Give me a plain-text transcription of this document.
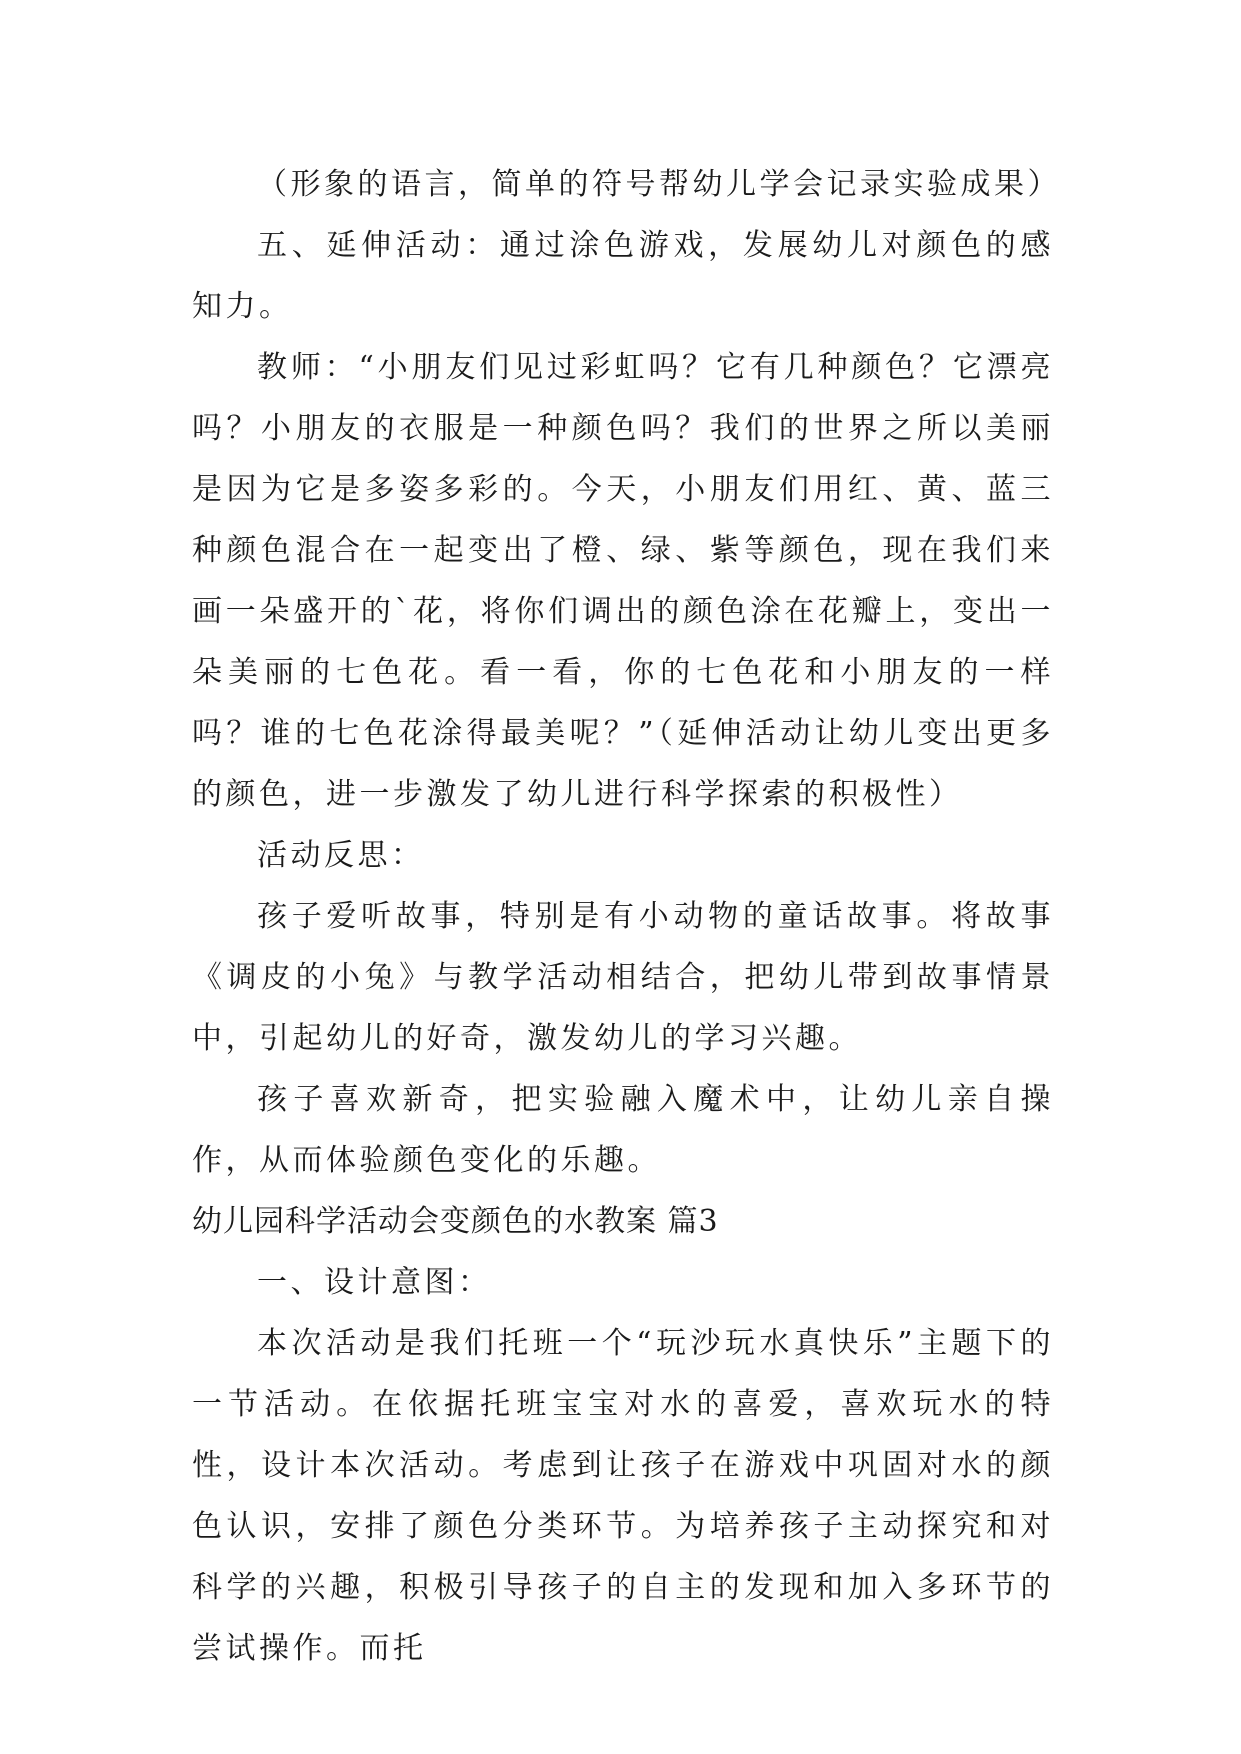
（形象的语言，简单的符号帮幼儿学会记录实验成果）

五、延伸活动：通过涂色游戏，发展幼儿对颜色的感知力。

教师：“小朋友们见过彩虹吗？它有几种颜色？它漂亮吗？小朋友的衣服是一种颜色吗？我们的世界之所以美丽是因为它是多姿多彩的。今天，小朋友们用红、黄、蓝三种颜色混合在一起变出了橙、绿、紫等颜色，现在我们来画一朵盛开的`花，将你们调出的颜色涂在花瓣上，变出一朵美丽的七色花。看一看，你的七色花和小朋友的一样吗？谁的七色花涂得最美呢？”（延伸活动让幼儿变出更多的颜色，进一步激发了幼儿进行科学探索的积极性）

活动反思：

孩子爱听故事，特别是有小动物的童话故事。将故事《调皮的小兔》与教学活动相结合，把幼儿带到故事情景中，引起幼儿的好奇，激发幼儿的学习兴趣。

孩子喜欢新奇，把实验融入魔术中，让幼儿亲自操作，从而体验颜色变化的乐趣。

幼儿园科学活动会变颜色的水教案 篇3

一、设计意图：

本次活动是我们托班一个“玩沙玩水真快乐”主题下的一节活动。在依据托班宝宝对水的喜爱，喜欢玩水的特性，设计本次活动。考虑到让孩子在游戏中巩固对水的颜色认识，安排了颜色分类环节。为培养孩子主动探究和对科学的兴趣，积极引导孩子的自主的发现和加入多环节的尝试操作。而托
